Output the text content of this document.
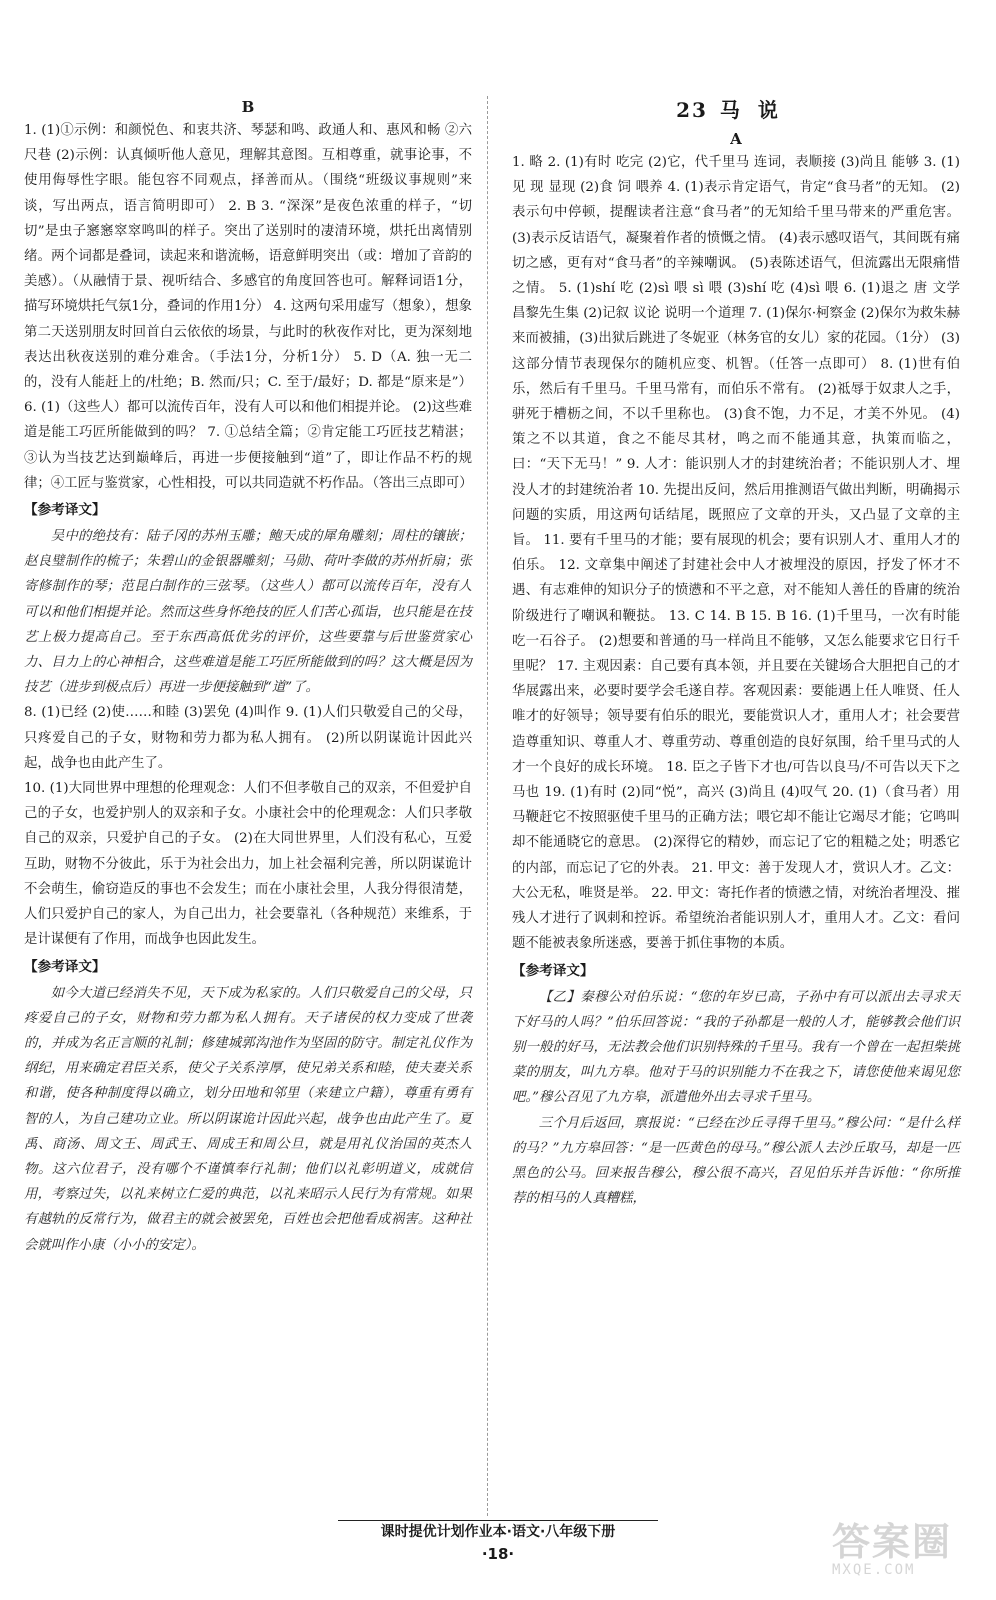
B

1. (1)①示例：和颜悦色、和衷共济、琴瑟和鸣、政通人和、惠风和畅 ②六尺巷 (2)示例：认真倾听他人意见，理解其意图。互相尊重，就事论事，不使用侮辱性字眼。能包容不同观点，择善而从。（围绕“班级议事规则”来谈，写出两点，语言简明即可） 2. B 3. “深深”是夜色浓重的样子，“切切”是虫子窸窸窣窣鸣叫的样子。突出了送别时的凄清环境，烘托出离情别绪。两个词都是叠词，读起来和谐流畅，语意鲜明突出（或：增加了音韵的美感）。（从融情于景、视听结合、多感官的角度回答也可。解释词语1分，描写环境烘托气氛1分，叠词的作用1分） 4. 这两句采用虚写（想象），想象第二天送别朋友时回首白云依依的场景，与此时的秋夜作对比，更为深刻地表达出秋夜送别的难分难舍。（手法1分，分析1分） 5. D（A. 独一无二的，没有人能赶上的/杜绝；B. 然而/只；C. 至于/最好；D. 都是“原来是”） 6. (1)（这些人）都可以流传百年，没有人可以和他们相提并论。 (2)这些难道是能工巧匠所能做到的吗？ 7. ①总结全篇；②肯定能工巧匠技艺精湛；③认为当技艺达到巅峰后，再进一步便接触到“道”了，即让作品不朽的规律；④工匠与鉴赏家，心性相投，可以共同造就不朽作品。（答出三点即可）

【参考译文】

吴中的绝技有：陆子冈的苏州玉雕；鲍天成的犀角雕刻；周柱的镶嵌；赵良璧制作的梳子；朱碧山的金银器雕刻；马勋、荷叶李做的苏州折扇；张寄修制作的琴；范昆白制作的三弦琴。（这些人）都可以流传百年，没有人可以和他们相提并论。然而这些身怀绝技的匠人们苦心孤诣，也只能是在技艺上极力提高自己。至于东西高低优劣的评价，这些要靠与后世鉴赏家心力、目力上的心神相合，这些难道是能工巧匠所能做到的吗？这大概是因为技艺（进步到极点后）再进一步便接触到“道”了。

8. (1)已经 (2)使……和睦 (3)罢免 (4)叫作 9. (1)人们只敬爱自己的父母，只疼爱自己的子女，财物和劳力都为私人拥有。 (2)所以阴谋诡计因此兴起，战争也由此产生了。

10. (1)大同世界中理想的伦理观念：人们不但孝敬自己的双亲，不但爱护自己的子女，也爱护别人的双亲和子女。小康社会中的伦理观念：人们只孝敬自己的双亲，只爱护自己的子女。 (2)在大同世界里，人们没有私心，互爱互助，财物不分彼此，乐于为社会出力，加上社会福利完善，所以阴谋诡计不会萌生，偷窃造反的事也不会发生；而在小康社会里，人我分得很清楚，人们只爱护自己的家人，为自己出力，社会要靠礼（各种规范）来维系，于是计谋便有了作用，而战争也因此发生。

【参考译文】

如今大道已经消失不见，天下成为私家的。人们只敬爱自己的父母，只疼爱自己的子女，财物和劳力都为私人拥有。天子诸侯的权力变成了世袭的，并成为名正言顺的礼制；修建城郭沟池作为坚固的防守。制定礼仪作为纲纪，用来确定君臣关系，使父子关系淳厚，使兄弟关系和睦，使夫妻关系和谐，使各种制度得以确立，划分田地和邻里（来建立户籍），尊重有勇有智的人，为自己建功立业。所以阴谋诡计因此兴起，战争也由此产生了。夏禹、商汤、周文王、周武王、周成王和周公旦，就是用礼仪治国的英杰人物。这六位君子，没有哪个不谨慎奉行礼制；他们以礼彰明道义，成就信用，考察过失，以礼来树立仁爱的典范，以礼来昭示人民行为有常规。如果有越轨的反常行为，做君主的就会被罢免，百姓也会把他看成祸害。这种社会就叫作小康（小小的安定）。

23 马说

A

1. 略 2. (1)有时 吃完 (2)它，代千里马 连词，表顺接 (3)尚且 能够 3. (1)见 现 显现 (2)食 饲 喂养 4. (1)表示肯定语气，肯定“食马者”的无知。 (2)表示句中停顿，提醒读者注意“食马者”的无知给千里马带来的严重危害。 (3)表示反诘语气，凝聚着作者的愤慨之情。 (4)表示感叹语气，其间既有痛切之感，更有对“食马者”的辛辣嘲讽。 (5)表陈述语气，但流露出无限痛惜之情。 5. (1)shí 吃 (2)sì 喂 sì 喂 (3)shí 吃 (4)sì 喂 6. (1)退之 唐 文学 昌黎先生集 (2)记叙 议论 说明一个道理 7. (1)保尔·柯察金 (2)保尔为救朱赫来而被捕，(3)出狱后跳进了冬妮亚（林务官的女儿）家的花园。（1分） (3)这部分情节表现保尔的随机应变、机智。（任答一点即可） 8. (1)世有伯乐，然后有千里马。千里马常有，而伯乐不常有。 (2)祗辱于奴隶人之手，骈死于槽枥之间，不以千里称也。 (3)食不饱，力不足，才美不外见。 (4)策之不以其道，食之不能尽其材，鸣之而不能通其意，执策而临之，曰：“天下无马！” 9. 人才：能识别人才的封建统治者；不能识别人才、埋没人才的封建统治者 10. 先提出反问，然后用推测语气做出判断，明确揭示问题的实质，用这两句话结尾，既照应了文章的开头，又凸显了文章的主旨。 11. 要有千里马的才能；要有展现的机会；要有识别人才、重用人才的伯乐。 12. 文章集中阐述了封建社会中人才被埋没的原因，抒发了怀才不遇、有志难伸的知识分子的愤懑和不平之意，对不能知人善任的昏庸的统治阶级进行了嘲讽和鞭挞。 13. C 14. B 15. B 16. (1)千里马，一次有时能吃一石谷子。 (2)想要和普通的马一样尚且不能够，又怎么能要求它日行千里呢？ 17. 主观因素：自己要有真本领，并且要在关键场合大胆把自己的才华展露出来，必要时要学会毛遂自荐。客观因素：要能遇上任人唯贤、任人唯才的好领导；领导要有伯乐的眼光，要能赏识人才，重用人才；社会要营造尊重知识、尊重人才、尊重劳动、尊重创造的良好氛围，给千里马式的人才一个良好的成长环境。 18. 臣之子皆下才也/可告以良马/不可告以天下之马也 19. (1)有时 (2)同“悦”，高兴 (3)尚且 (4)叹气 20. (1)（食马者）用马鞭赶它不按照驱使千里马的正确方法；喂它却不能让它竭尽才能；它鸣叫却不能通晓它的意思。 (2)深得它的精妙，而忘记了它的粗糙之处；明悉它的内部，而忘记了它的外表。 21. 甲文：善于发现人才，赏识人才。乙文：大公无私，唯贤是举。 22. 甲文：寄托作者的愤懑之情，对统治者埋没、摧残人才进行了讽刺和控诉。希望统治者能识别人才，重用人才。乙文：看问题不能被表象所迷惑，要善于抓住事物的本质。

【参考译文】

【乙】秦穆公对伯乐说：“您的年岁已高，子孙中有可以派出去寻求天下好马的人吗？”伯乐回答说：“我的子孙都是一般的人才，能够教会他们识别一般的好马，无法教会他们识别特殊的千里马。我有一个曾在一起担柴挑菜的朋友，叫九方皋。他对于马的识别能力不在我之下，请您使他来谒见您吧。”穆公召见了九方皋，派遣他外出去寻求千里马。

三个月后返回，禀报说：“已经在沙丘寻得千里马。”穆公问：“是什么样的马？”九方皋回答：“是一匹黄色的母马。”穆公派人去沙丘取马，却是一匹黑色的公马。回来报告穆公，穆公很不高兴，召见伯乐并告诉他：“你所推荐的相马的人真糟糕，

课时提优计划作业本·语文·八年级下册
·18·	答案圈
MXQE.COM
